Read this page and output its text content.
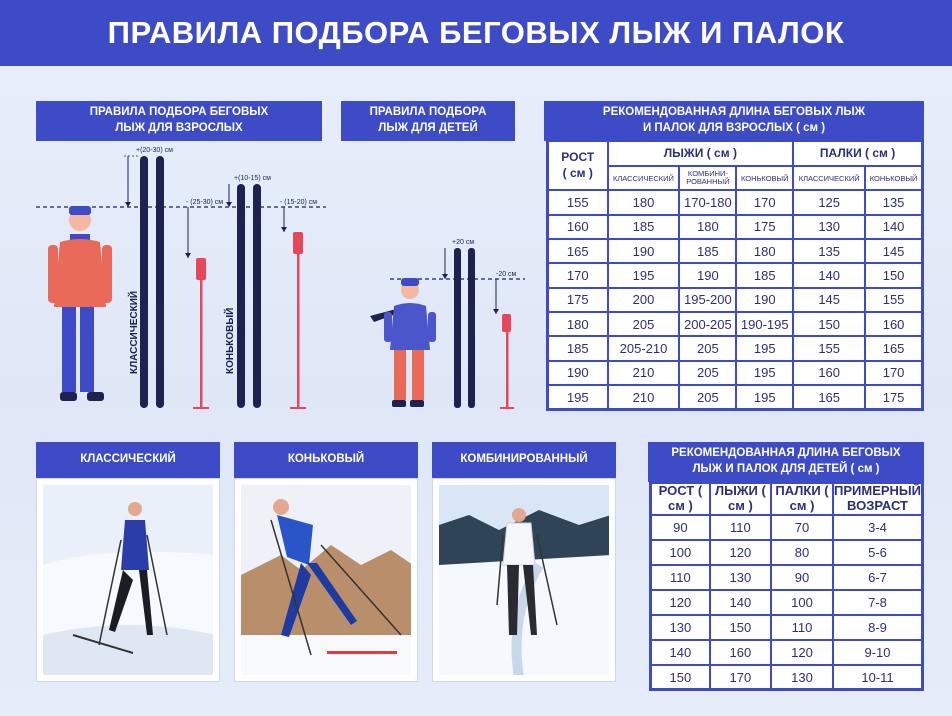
ПРАВИЛА ПОДБОРА БЕГОВЫХ ЛЫЖ И ПАЛОК
ПРАВИЛА ПОДБОРА БЕГОВЫХ
ЛЫЖ ДЛЯ ВЗРОСЛЫХ
ПРАВИЛА ПОДБОРА
ЛЫЖ ДЛЯ ДЕТЕЙ
РЕКОМЕНДОВАННАЯ ДЛИНА БЕГОВЫХ ЛЫЖ
И ПАЛОК ДЛЯ ВЗРОСЛЫХ ( см )
РЕКОМЕНДОВАННАЯ ДЛИНА БЕГОВЫХ
ЛЫЖ И ПАЛОК ДЛЯ ДЕТЕЙ ( см )
+(20-30) см
- (25-30) см
+(10-15) см
- (15-20) см
КЛАССИЧЕСКИЙ	КОНЬКОВЫЙ
+20 см
-20 см
РОСТ
( см )	ЛЫЖИ ( см )			ПАЛКИ ( см )	
	КЛАССИЧЕСКИЙ	КОМБИНИ-
РОВАННЫЙ	КОНЬКОВЫЙ	КЛАССИЧЕСКИЙ	КОНЬКОВЫЙ
155	180	170-180	170	125	135
160	185	180	175	130	140
165	190	185	180	135	145
170	195	190	185	140	150
175	200	195-200	190	145	155
180	205	200-205	190-195	150	160
185	205-210	205	195	155	165
190	210	205	195	160	170
195	210	205	195	165	175
РОСТ ( см )	ЛЫЖИ ( см )	ПАЛКИ ( см )	ПРИМЕРНЫЙ
ВОЗРАСТ
90	110	70	3-4
100	120	80	5-6
110	130	90	6-7
120	140	100	7-8
130	150	110	8-9
140	160	120	9-10
150	170	130	10-11
КЛАССИЧЕСКИЙ	КОНЬКОВЫЙ	КОМБИНИРОВАННЫЙ
